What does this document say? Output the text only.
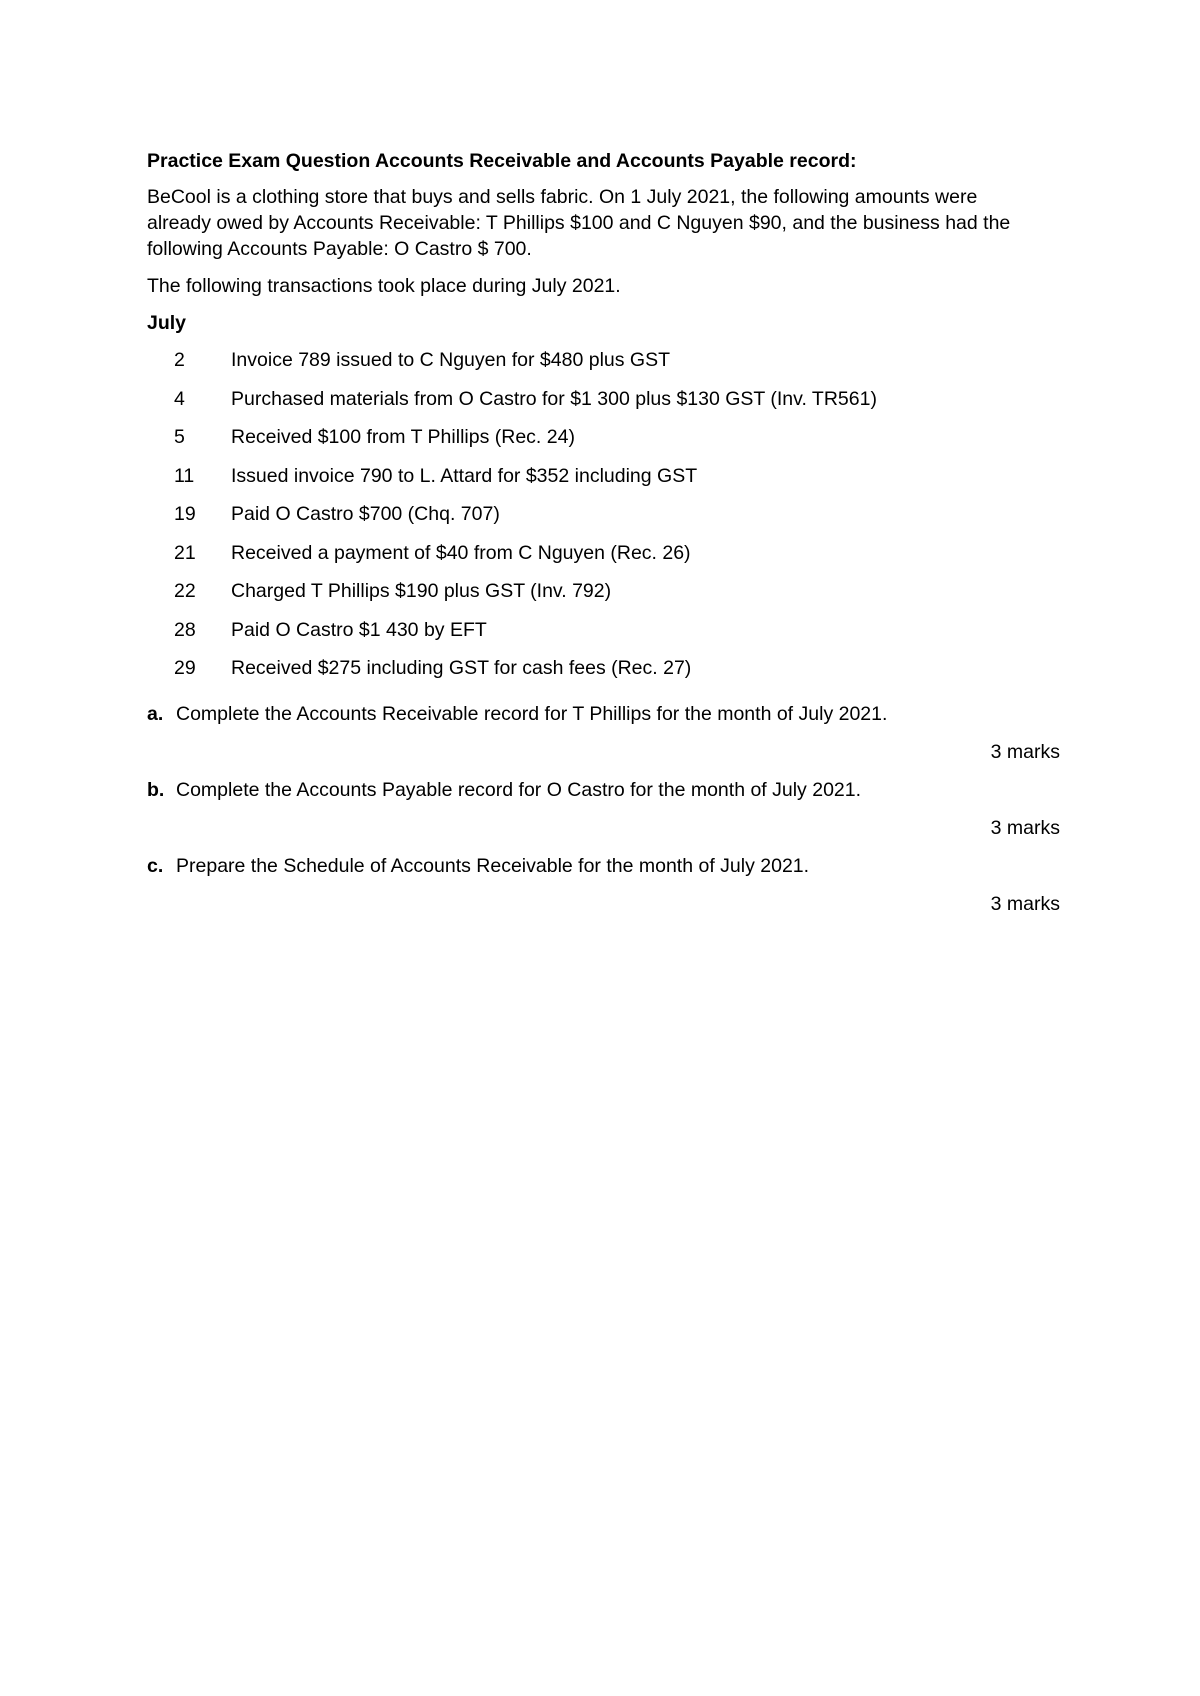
Practice Exam Question Accounts Receivable and Accounts Payable record:
BeCool is a clothing store that buys and sells fabric. On 1 July 2021, the following amounts were
already owed by Accounts Receivable: T Phillips $100 and C Nguyen $90, and the business had the
following Accounts Payable: O Castro $ 700.
The following transactions took place during July 2021.
July
2	Invoice 789 issued to C Nguyen for $480 plus GST
4	Purchased materials from O Castro for $1 300 plus $130 GST (Inv. TR561)
5	Received $100 from T Phillips (Rec. 24)
11	Issued invoice 790 to L. Attard for $352 including GST
19	Paid O Castro $700 (Chq. 707)
21	Received a payment of $40 from C Nguyen (Rec. 26)
22	Charged T Phillips $190 plus GST (Inv. 792)
28	Paid O Castro $1 430 by EFT
29	Received $275 including GST for cash fees (Rec. 27)
a. Complete the Accounts Receivable record for T Phillips for the month of July 2021.
3 marks
b. Complete the Accounts Payable record for O Castro for the month of July 2021.
3 marks
c. Prepare the Schedule of Accounts Receivable for the month of July 2021.
3 marks
